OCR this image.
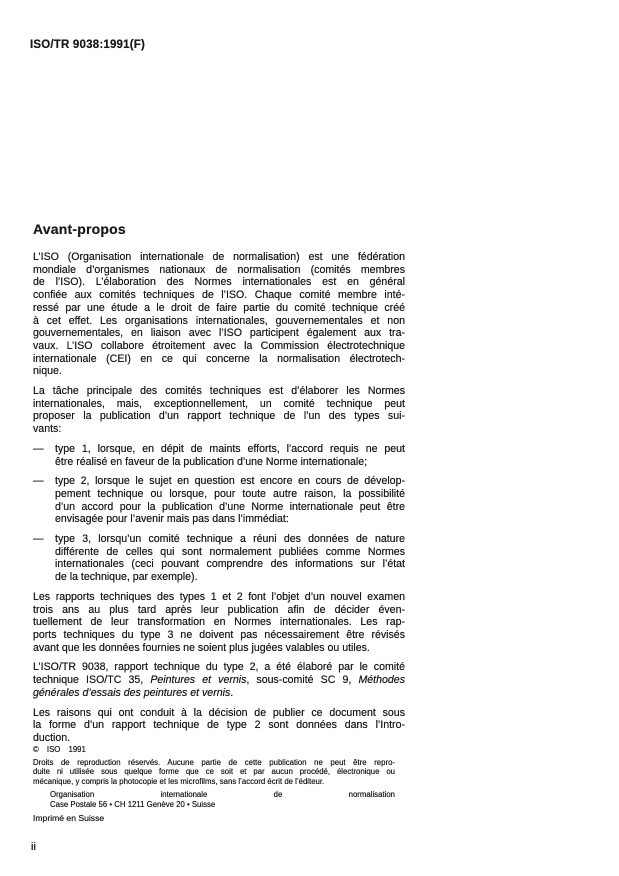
ISO/TR 9038:1991(F)
Avant-propos
L’ISO (Organisation internationale de normalisation) est une fédération
mondiale d’organismes nationaux de normalisation (comités membres
de l’ISO). L’élaboration des Normes internationales est en général
confiée aux comités techniques de l’ISO. Chaque comité membre inté-
ressé par une étude a le droit de faire partie du comité technique créé
à cet effet. Les organisations internationales, gouvernementales et non
gouvernementales, en liaison avec l’ISO participent également aux tra-
vaux. L’ISO collabore étroitement avec la Commission électrotechnique
internationale (CEI) en ce qui concerne la normalisation électrotech-
nique.
La tâche principale des comités techniques est d’élaborer les Normes
internationales, mais, exceptionnellement, un comité technique peut
proposer la publication d’un rapport technique de l’un des types sui-
vants:
—	type 1, lorsque, en dépit de maints efforts, l’accord requis ne peut
être réalisé en faveur de la publication d’une Norme internationale;
—	type 2, lorsque le sujet en question est encore en cours de dévelop-
pement technique ou lorsque, pour toute autre raison, la possibilité
d’un accord pour la publication d’une Norme internationale peut être
envisagée pour l’avenir mais pas dans l’immédiat:
—	type 3, lorsqu’un comité technique a réuni des données de nature
différente de celles qui sont normalement publiées comme Normes
internationales (ceci pouvant comprendre des informations sur l’état
de la technique, par exemple).
Les rapports techniques des types 1 et 2 font l’objet d’un nouvel examen
trois ans au plus tard après leur publication afin de décider éven-
tuellement de leur transformation en Normes internationales. Les rap-
ports techniques du type 3 ne doivent pas nécessairement être révisés
avant que les données fournies ne soient plus jugées valables ou utiles.
L’ISO/TR 9038, rapport technique du type 2, a été élaboré par le comité
technique ISO/TC 35, Peintures et vernis, sous-comité SC 9, Méthodes
générales d’essais des peintures et vernis.
Les raisons qui ont conduit à la décision de publier ce document sous
la forme d’un rapport technique de type 2 sont données dans l’Intro-
duction.
© ISO 1991
Droits de reproduction réservés. Aucune partie de cette publication ne peut être repro-
duite ni utilisée sous quelque forme que ce soit et par aucun procédé, électronique ou
mécanique, y compris la photocopie et les microfilms, sans l’accord écrit de l’éditeur.
Organisation internationale de normalisation
Case Postale 56 • CH 1211 Genève 20 • Suisse
Imprimé en Suisse
ii
